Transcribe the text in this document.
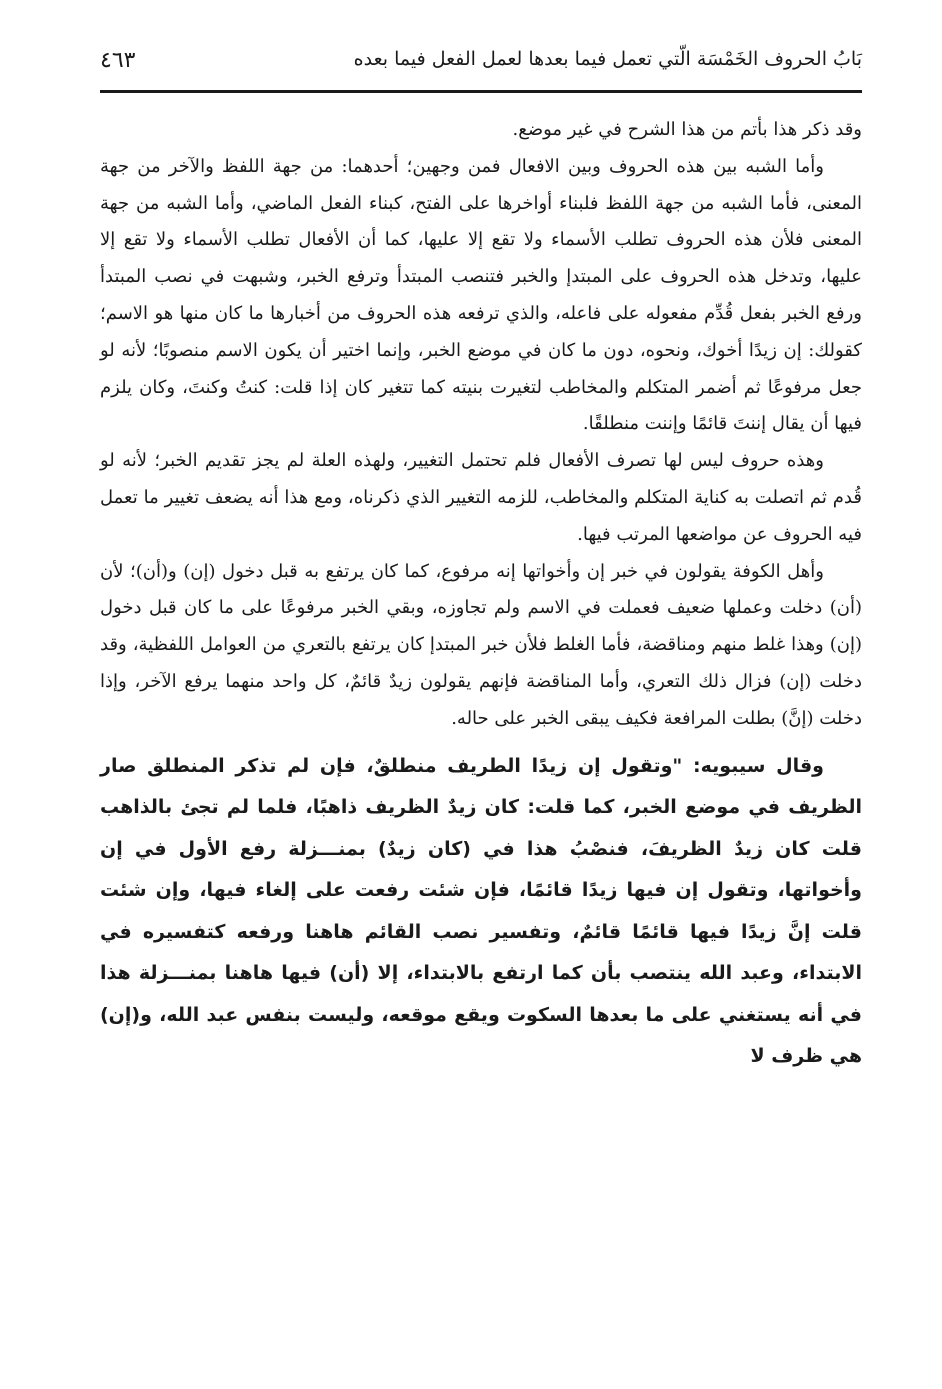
بَابُ الحروف الخَمْسَة الّتي تعمل فيما بعدها لعمل الفعل فيما بعده
٤٦٣

وقد ذكر هذا بأتم من هذا الشرح في غير موضع.

وأما الشبه بين هذه الحروف وبين الافعال فمن وجهين؛ أحدهما: من جهة اللفظ والآخر من جهة المعنى، فأما الشبه من جهة اللفظ فلبناء أواخرها على الفتح، كبناء الفعل الماضي، وأما الشبه من جهة المعنى فلأن هذه الحروف تطلب الأسماء ولا تقع إلا عليها، كما أن الأفعال تطلب الأسماء ولا تقع إلا عليها، وتدخل هذه الحروف على المبتدإ والخبر فتنصب المبتدأ وترفع الخبر، وشبهت في نصب المبتدأ ورفع الخبر بفعل قُدِّم مفعوله على فاعله، والذي ترفعه هذه الحروف من أخبارها ما كان منها هو الاسم؛ كقولك: إن زيدًا أخوك، ونحوه، دون ما كان في موضع الخبر، وإنما اختير أن يكون الاسم منصوبًا؛ لأنه لو جعل مرفوعًا ثم أضمر المتكلم والمخاطب لتغيرت بنيته كما تتغير كان إذا قلت: كنتُ وكنتَ، وكان يلزم فيها أن يقال إننتَ قائمًا وإننت منطلقًا.

وهذه حروف ليس لها تصرف الأفعال فلم تحتمل التغيير، ولهذه العلة لم يجز تقديم الخبر؛ لأنه لو قُدم ثم اتصلت به كناية المتكلم والمخاطب، للزمه التغيير الذي ذكرناه، ومع هذا أنه يضعف تغيير ما تعمل فيه الحروف عن مواضعها المرتب فيها.

وأهل الكوفة يقولون في خبر إن وأخواتها إنه مرفوع، كما كان يرتفع به قبل دخول (إن) و(أن)؛ لأن (أن) دخلت وعملها ضعيف فعملت في الاسم ولم تجاوزه، وبقي الخبر مرفوعًا على ما كان قبل دخول (إن) وهذا غلط منهم ومناقضة، فأما الغلط فلأن خبر المبتدإ كان يرتفع بالتعري من العوامل اللفظية، وقد دخلت (إن) فزال ذلك التعري، وأما المناقضة فإنهم يقولون زيدٌ قائمٌ، كل واحد منهما يرفع الآخر، وإذا دخلت (إنَّ) بطلت المرافعة فكيف يبقى الخبر على حاله.

وقال سيبويه: "وتقول إن زيدًا الطريف منطلقٌ، فإن لم تذكر المنطلق صار الظريف في موضع الخبر، كما قلت: كان زيدٌ الظريف ذاهبًا، فلما لم تجئ بالذاهب قلت كان زيدٌ الظريفَ، فنصْبُ هذا في (كان زيدٌ) بمنـــزلة رفع الأول في إن وأخواتها، وتقول إن فيها زيدًا قائمًا، فإن شئت رفعت على إلغاء فيها، وإن شئت قلت إنَّ زيدًا فيها قائمًا قائمٌ، وتفسير نصب القائم هاهنا ورفعه كتفسيره في الابتداء، وعبد الله ينتصب بأن كما ارتفع بالابتداء، إلا (أن) فيها هاهنا بمنـــزلة هذا في أنه يستغني على ما بعدها السكوت ويقع موقعه، وليست بنفس عبد الله، و(إن) هي ظرف لا
